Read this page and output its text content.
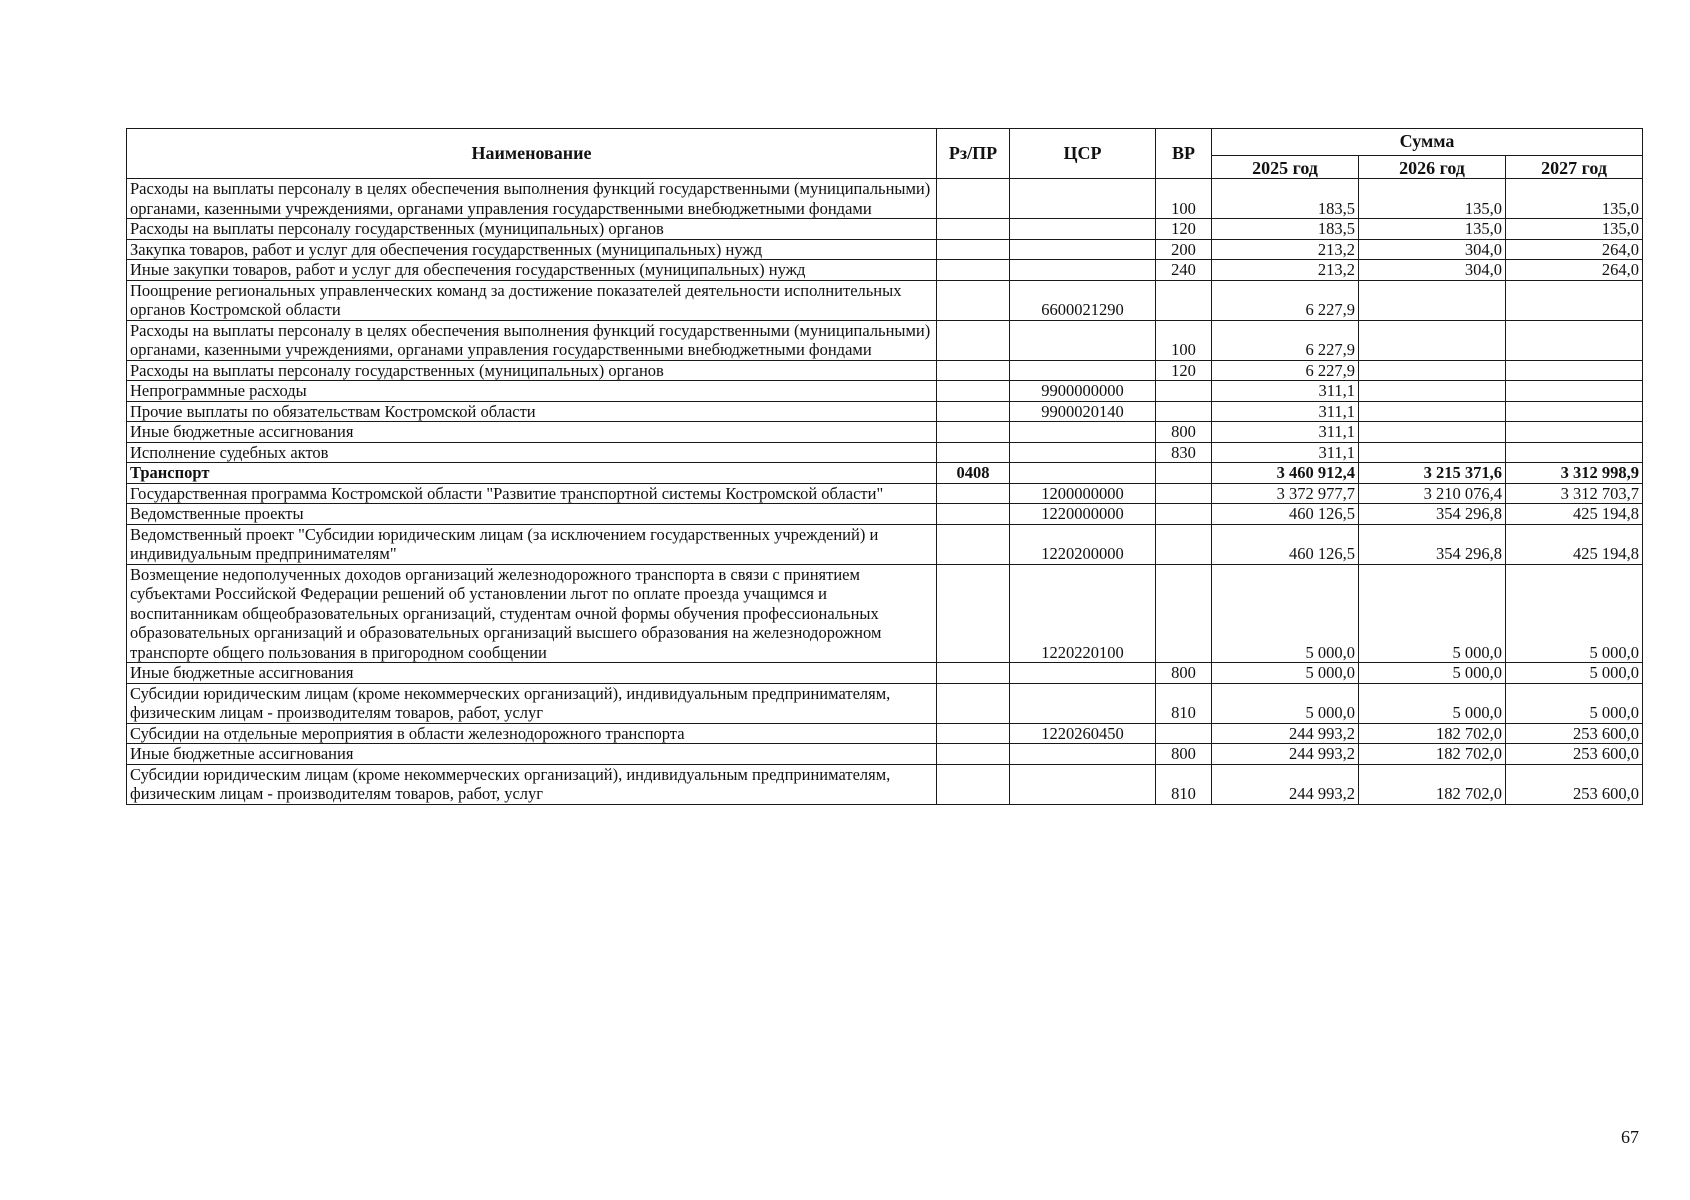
Наименование	Рз/ПР	ЦСР	ВР	Сумма		
				2025 год	2026 год	2027 год
Расходы на выплаты персоналу в целях обеспечения выполнения функций государственными (муниципальными) органами, казенными учреждениями, органами управления государственными внебюджетными фондами			100	183,5	135,0	135,0
Расходы на выплаты персоналу государственных (муниципальных) органов			120	183,5	135,0	135,0
Закупка товаров, работ и услуг для обеспечения государственных (муниципальных) нужд			200	213,2	304,0	264,0
Иные закупки товаров, работ и услуг для обеспечения государственных (муниципальных) нужд			240	213,2	304,0	264,0
Поощрение региональных управленческих команд за достижение показателей деятельности исполнительных органов Костромской области		6600021290		6 227,9		
Расходы на выплаты персоналу в целях обеспечения выполнения функций государственными (муниципальными) органами, казенными учреждениями, органами управления государственными внебюджетными фондами			100	6 227,9		
Расходы на выплаты персоналу государственных (муниципальных) органов			120	6 227,9		
Непрограммные расходы		9900000000		311,1		
Прочие выплаты по обязательствам Костромской области		9900020140		311,1		
Иные бюджетные ассигнования			800	311,1		
Исполнение судебных актов			830	311,1		
Транспорт	0408			3 460 912,4	3 215 371,6	3 312 998,9
Государственная программа Костромской области "Развитие транспортной системы Костромской области"		1200000000		3 372 977,7	3 210 076,4	3 312 703,7
Ведомственные проекты		1220000000		460 126,5	354 296,8	425 194,8
Ведомственный проект "Субсидии юридическим лицам (за исключением государственных учреждений) и индивидуальным предпринимателям"		1220200000		460 126,5	354 296,8	425 194,8
Возмещение недополученных доходов организаций железнодорожного транспорта в связи с принятием субъектами Российской Федерации решений об установлении льгот по оплате проезда учащимся и воспитанникам общеобразовательных организаций, студентам очной формы обучения профессиональных образовательных организаций и образовательных организаций высшего образования на железнодорожном транспорте общего пользования в пригородном сообщении		1220220100		5 000,0	5 000,0	5 000,0
Иные бюджетные ассигнования			800	5 000,0	5 000,0	5 000,0
Субсидии юридическим лицам (кроме некоммерческих организаций), индивидуальным предпринимателям, физическим лицам - производителям товаров, работ, услуг			810	5 000,0	5 000,0	5 000,0
Субсидии на отдельные мероприятия в области железнодорожного транспорта		1220260450		244 993,2	182 702,0	253 600,0
Иные бюджетные ассигнования			800	244 993,2	182 702,0	253 600,0
Субсидии юридическим лицам (кроме некоммерческих организаций), индивидуальным предпринимателям, физическим лицам - производителям товаров, работ, услуг			810	244 993,2	182 702,0	253 600,0
67
